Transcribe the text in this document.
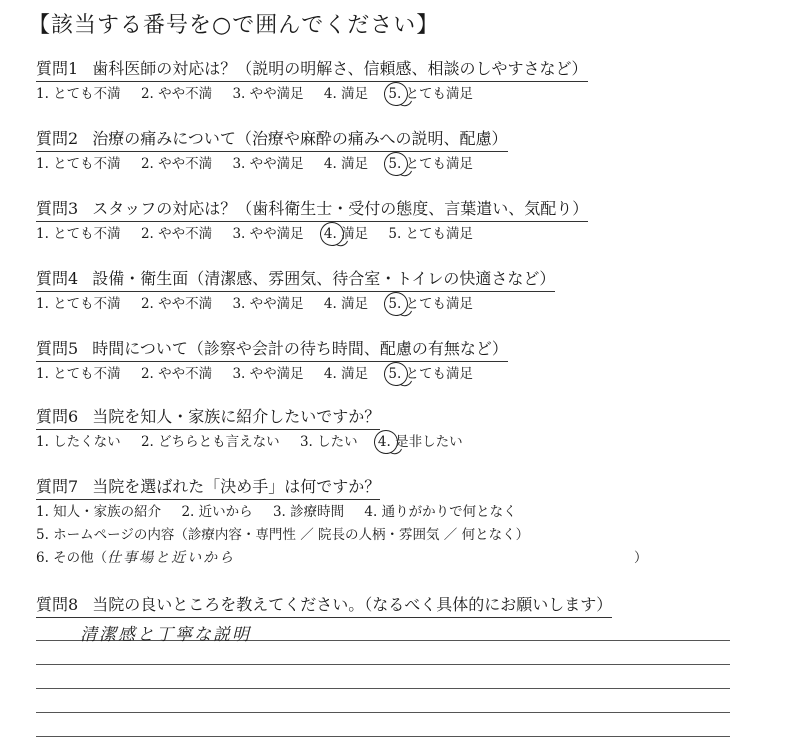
【該当する番号を○で囲んでください】
質問1 歯科医師の対応は？（説明の明解さ、信頼感、相談のしやすさなど）
1. とても不満 2. やや不満 3. やや満足 4. 満足 5. とても満足
質問2 治療の痛みについて（治療や麻酔の痛みへの説明、配慮）
1. とても不満 2. やや不満 3. やや満足 4. 満足 5. とても満足
質問3 スタッフの対応は？（歯科衛生士・受付の態度、言葉遣い、気配り）
1. とても不満 2. やや不満 3. やや満足 4. 満足 5. とても満足
質問4 設備・衛生面（清潔感、雰囲気、待合室・トイレの快適さなど）
1. とても不満 2. やや不満 3. やや満足 4. 満足 5. とても満足
質問5 時間について（診察や会計の待ち時間、配慮の有無など）
1. とても不満 2. やや不満 3. やや満足 4. 満足 5. とても満足
質問6 当院を知人・家族に紹介したいですか？
1. したくない 2. どちらとも言えない 3. したい 4. 是非したい
質問7 当院を選ばれた「決め手」は何ですか？
1. 知人・家族の紹介 2. 近いから 3. 診療時間 4. 通りがかりで何となく
5. ホームページの内容（診療内容・専門性 ／ 院長の人柄・雰囲気 ／ 何となく）
6. その他（仕事場と近いから	）
質問8 当院の良いところを教えてください。（なるべく具体的にお願いします）
清潔感と丁寧な説明
